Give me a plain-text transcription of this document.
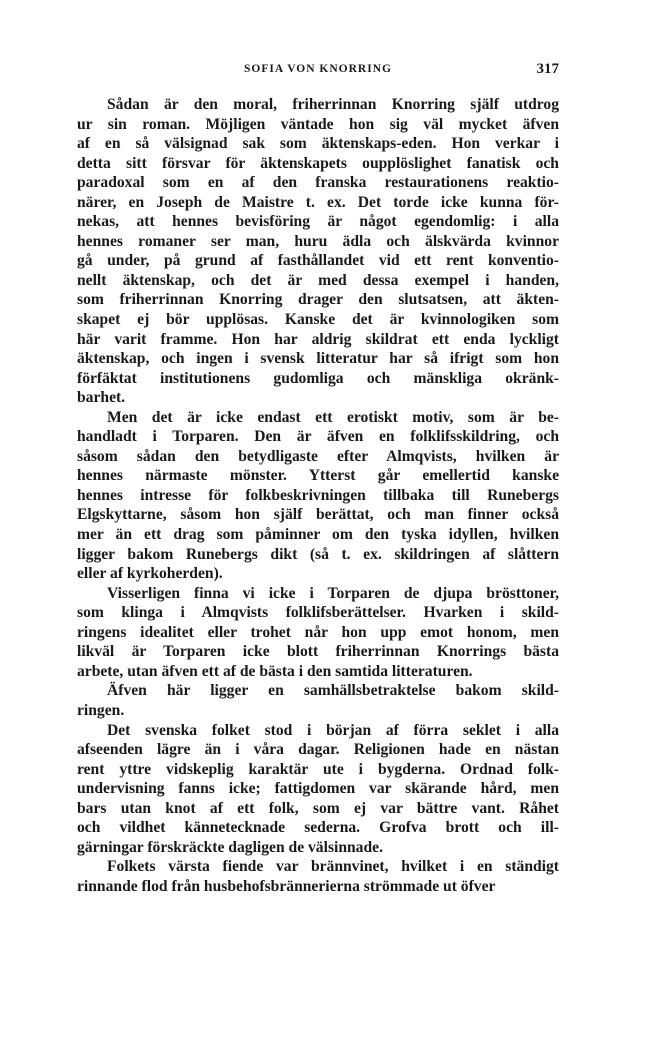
SOFIA VON KNORRING	317
Sådan är den moral, friherrinnan Knorring själf utdrog
ur sin roman. Möjligen väntade hon sig väl mycket äfven
af en så välsignad sak som äktenskaps-eden. Hon verkar i
detta sitt försvar för äktenskapets oupplöslighet fanatisk och
paradoxal som en af den franska restaurationens reaktio-
närer, en Joseph de Maistre t. ex. Det torde icke kunna för-
nekas, att hennes bevisföring är något egendomlig: i alla
hennes romaner ser man, huru ädla och älskvärda kvinnor
gå under, på grund af fasthållandet vid ett rent konventio-
nellt äktenskap, och det är med dessa exempel i handen,
som friherrinnan Knorring drager den slutsatsen, att äkten-
skapet ej bör upplösas. Kanske det är kvinnologiken som
här varit framme. Hon har aldrig skildrat ett enda lyckligt
äktenskap, och ingen i svensk litteratur har så ifrigt som hon
förfäktat institutionens gudomliga och mänskliga okränk-
barhet.
Men det är icke endast ett erotiskt motiv, som är be-
handladt i Torparen. Den är äfven en folklifsskildring, och
såsom sådan den betydligaste efter Almqvists, hvilken är
hennes närmaste mönster. Ytterst går emellertid kanske
hennes intresse för folkbeskrivningen tillbaka till Runebergs
Elgskyttarne, såsom hon själf berättat, och man finner också
mer än ett drag som påminner om den tyska idyllen, hvilken
ligger bakom Runebergs dikt (så t. ex. skildringen af slåttern
eller af kyrkoherden).
Visserligen finna vi icke i Torparen de djupa brösttoner,
som klinga i Almqvists folklifsberättelser. Hvarken i skild-
ringens idealitet eller trohet når hon upp emot honom, men
likväl är Torparen icke blott friherrinnan Knorrings bästa
arbete, utan äfven ett af de bästa i den samtida litteraturen.
Äfven här ligger en samhällsbetraktelse bakom skild-
ringen.
Det svenska folket stod i början af förra seklet i alla
afseenden lägre än i våra dagar. Religionen hade en nästan
rent yttre vidskeplig karaktär ute i bygderna. Ordnad folk-
undervisning fanns icke; fattigdomen var skärande hård, men
bars utan knot af ett folk, som ej var bättre vant. Råhet
och vildhet kännetecknade sederna. Grofva brott och ill-
gärningar förskräckte dagligen de välsinnade.
Folkets värsta fiende var brännvinet, hvilket i en ständigt
rinnande flod från husbehofsbrännerierna strömmade ut öfver
